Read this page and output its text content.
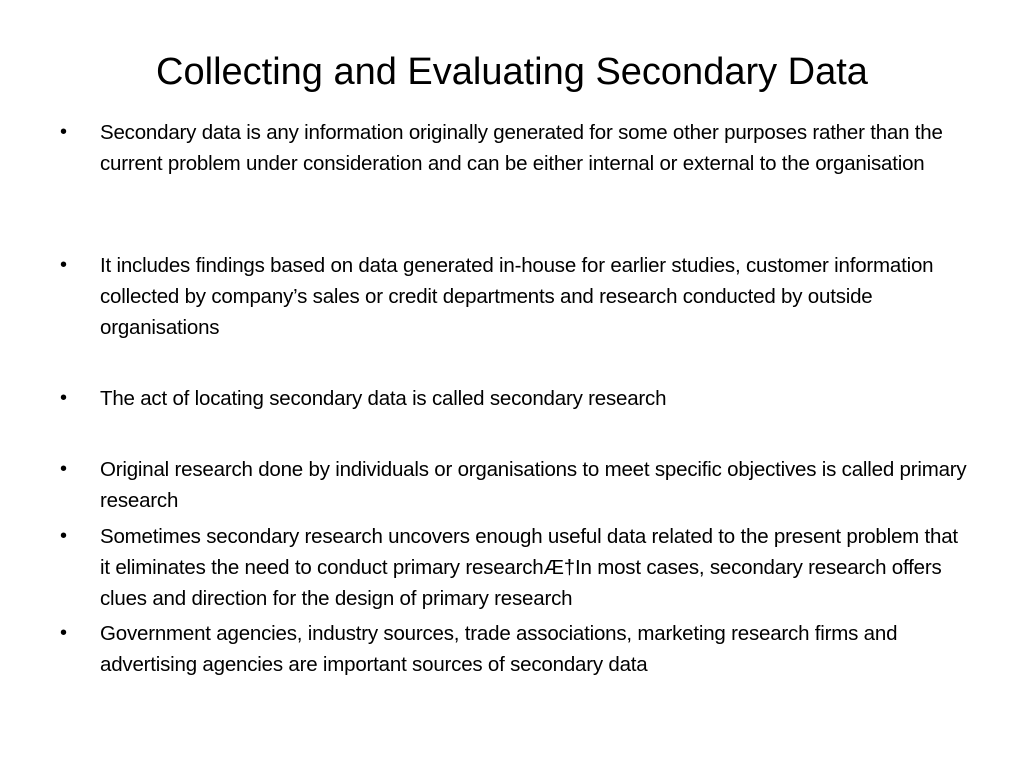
Collecting and Evaluating Secondary Data
• Secondary data is any information originally generated for some other purposes rather than the current problem under consideration and can be either internal or external to the organisation
• It includes findings based on data generated in-house for earlier studies, customer information collected by company’s sales or credit departments and research conducted by outside organisations
• The act of locating secondary data is called secondary research
• Original research done by individuals or organisations to meet specific objectives is called primary research
• Sometimes secondary research uncovers enough useful data related to the present problem that it eliminates the need to conduct primary researchÆ†In most cases, secondary research offers clues and direction for the design of primary research
• Government agencies, industry sources, trade associations, marketing research firms and advertising agencies are important sources of secondary data
